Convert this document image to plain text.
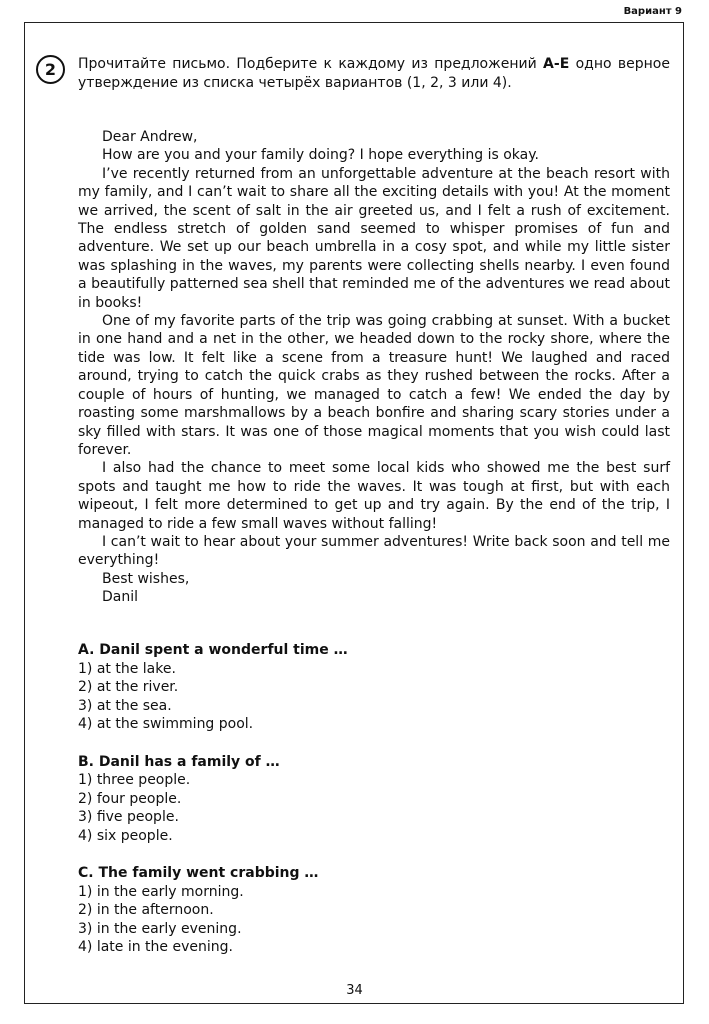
Вариант 9
2	Прочитайте письмо. Подберите к каждому из предложений A-E одно верное утверждение из списка четырёх вариантов (1, 2, 3 или 4).

Dear Andrew,

How are you and your family doing? I hope everything is okay.

I’ve recently returned from an unforgettable adventure at the beach resort with my family, and I can’t wait to share all the exciting details with you! At the moment we arrived, the scent of salt in the air greeted us, and I felt a rush of excitement. The endless stretch of golden sand seemed to whisper promises of fun and adventure. We set up our beach umbrella in a cosy spot, and while my little sister was splashing in the waves, my parents were collecting shells nearby. I even found a beautifully patterned sea shell that reminded me of the adventures we read about in books!

One of my favorite parts of the trip was going crabbing at sunset. With a bucket in one hand and a net in the other, we headed down to the rocky shore, where the tide was low. It felt like a scene from a treasure hunt! We laughed and raced around, trying to catch the quick crabs as they rushed between the rocks. After a couple of hours of hunting, we managed to catch a few! We ended the day by roasting some marshmallows by a beach bonfire and sharing scary stories under a sky filled with stars. It was one of those magical moments that you wish could last forever.

I also had the chance to meet some local kids who showed me the best surf spots and taught me how to ride the waves. It was tough at first, but with each wipeout, I felt more determined to get up and try again. By the end of the trip, I managed to ride a few small waves without falling!

I can’t wait to hear about your summer adventures! Write back soon and tell me everything!

Best wishes,

Danil

A. Danil spent a wonderful time …
1) at the lake.
2) at the river.
3) at the sea.
4) at the swimming pool.
B. Danil has a family of …
1) three people.
2) four people.
3) five people.
4) six people.
C. The family went crabbing …
1) in the early morning.
2) in the afternoon.
3) in the early evening.
4) late in the evening.
34
